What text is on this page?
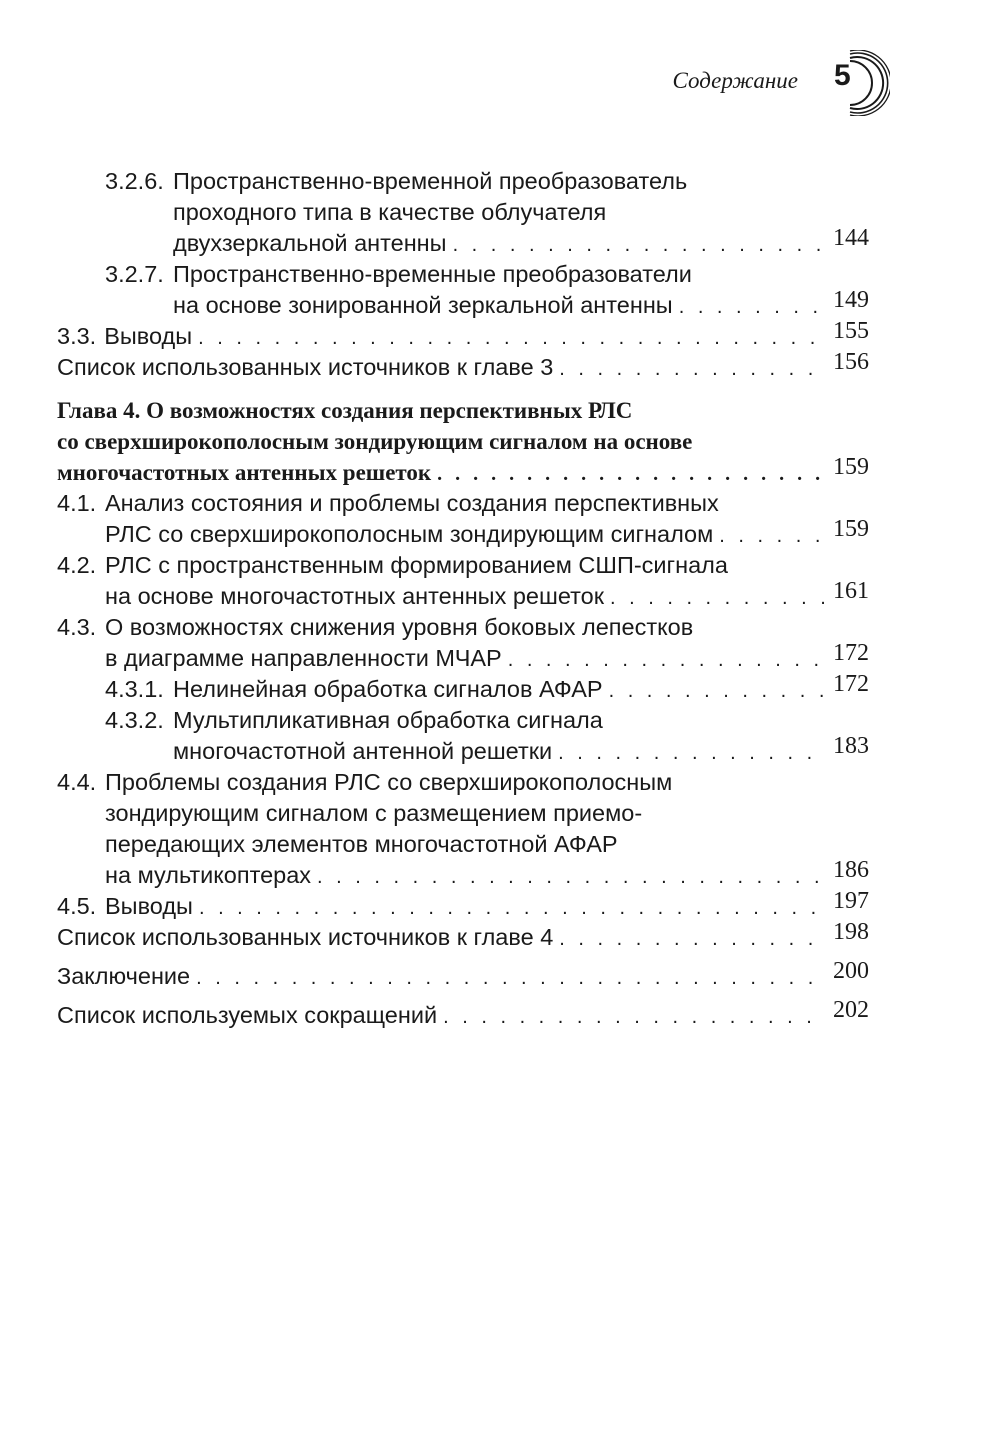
Содержание 5
3.2.6. Пространственно-временной преобразователь
проходного типа в качестве облучателя
двухзеркальной антенны . . .	144
3.2.7. Пространственно-временные преобразователи
на основе зонированной зеркальной антенны . . .	149
3.3. Выводы . . .	155
Список использованных источников к главе 3 . . .	156
Глава 4. О возможностях создания перспективных РЛС
со сверхширокополосным зондирующим сигналом на основе
многочастотных антенных решеток . . .	159
4.1. Анализ состояния и проблемы создания перспективных
РЛС со сверхширокополосным зондирующим сигналом . . .	159
4.2. РЛС с пространственным формированием СШП-сигнала
на основе многочастотных антенных решеток . . .	161
4.3. О возможностях снижения уровня боковых лепестков
в диаграмме направленности МЧАР . . .	172
4.3.1. Нелинейная обработка сигналов АФАР . . .	172
4.3.2. Мультипликативная обработка сигнала
многочастотной антенной решетки . . .	183
4.4. Проблемы создания РЛС со сверхширокополосным
зондирующим сигналом с размещением приемо-
передающих элементов многочастотной АФАР
на мультикоптерах . . .	186
4.5. Выводы . . .	197
Список использованных источников к главе 4 . . .	198
Заключение . . .	200
Список используемых сокращений . . .	202
